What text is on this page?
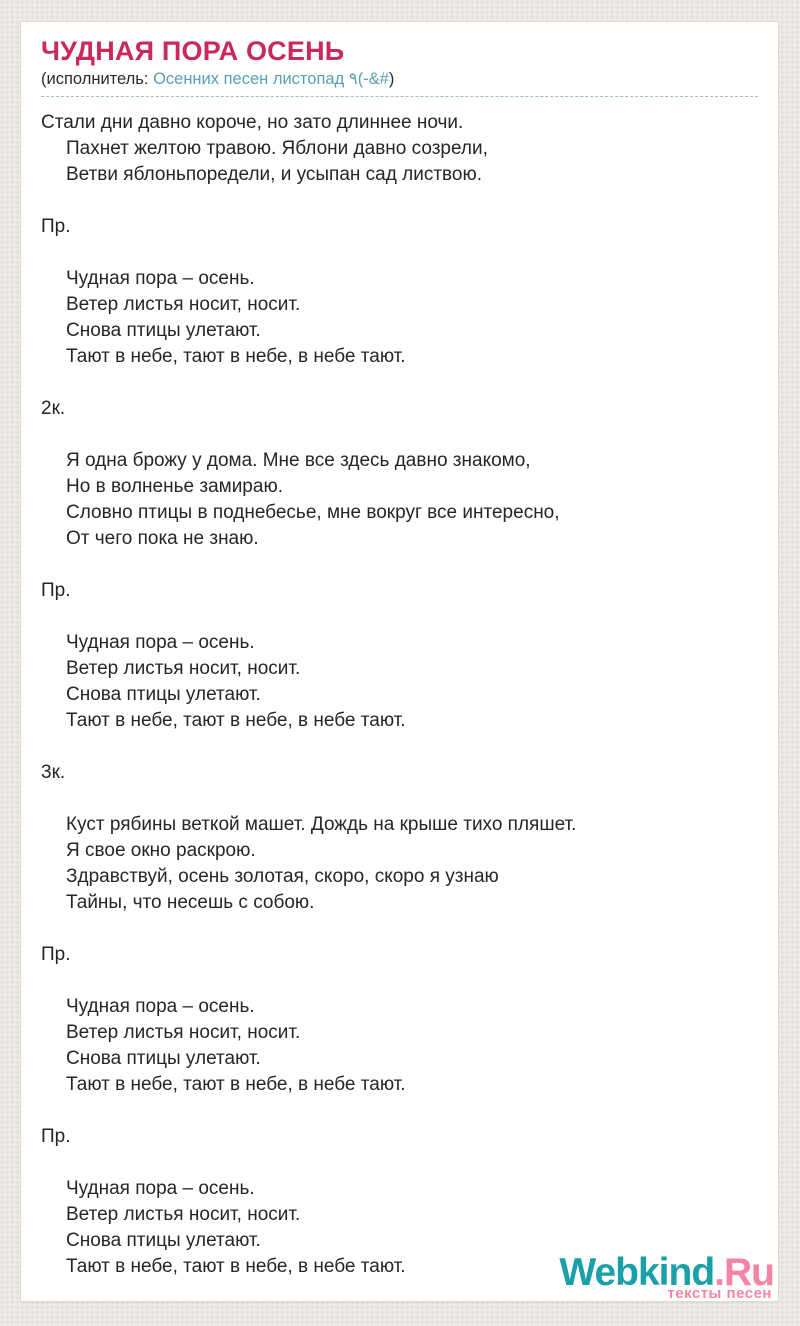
ЧУДНАЯ ПОРА ОСЕНЬ
(исполнитель: Осенних песен листопад ٩(-&#)
Стали дни давно короче, но зато длиннее ночи.
Пахнет желтою травою. Яблони давно созрели,
Ветви яблоньпоредели, и усыпан сад листвою.

Пр.

Чудная пора – осень.
Ветер листья носит, носит.
Снова птицы улетают.
Тают в небе, тают в небе, в небе тают.

2к.

Я одна брожу у дома. Мне все здесь давно знакомо,
Но в волненье замираю.
Словно птицы в поднебесье, мне вокруг все интересно,
От чего пока не знаю.

Пр.

Чудная пора – осень.
Ветер листья носит, носит.
Снова птицы улетают.
Тают в небе, тают в небе, в небе тают.

3к.

Куст рябины веткой машет. Дождь на крыше тихо пляшет.
Я свое окно раскрою.
Здравствуй, осень золотая, скоро, скоро я узнаю
Тайны, что несешь с собою.

Пр.

Чудная пора – осень.
Ветер листья носит, носит.
Снова птицы улетают.
Тают в небе, тают в небе, в небе тают.

Пр.

Чудная пора – осень.
Ветер листья носит, носит.
Снова птицы улетают.
Тают в небе, тают в небе, в небе тают.	Webkind.Ru
тексты песен
